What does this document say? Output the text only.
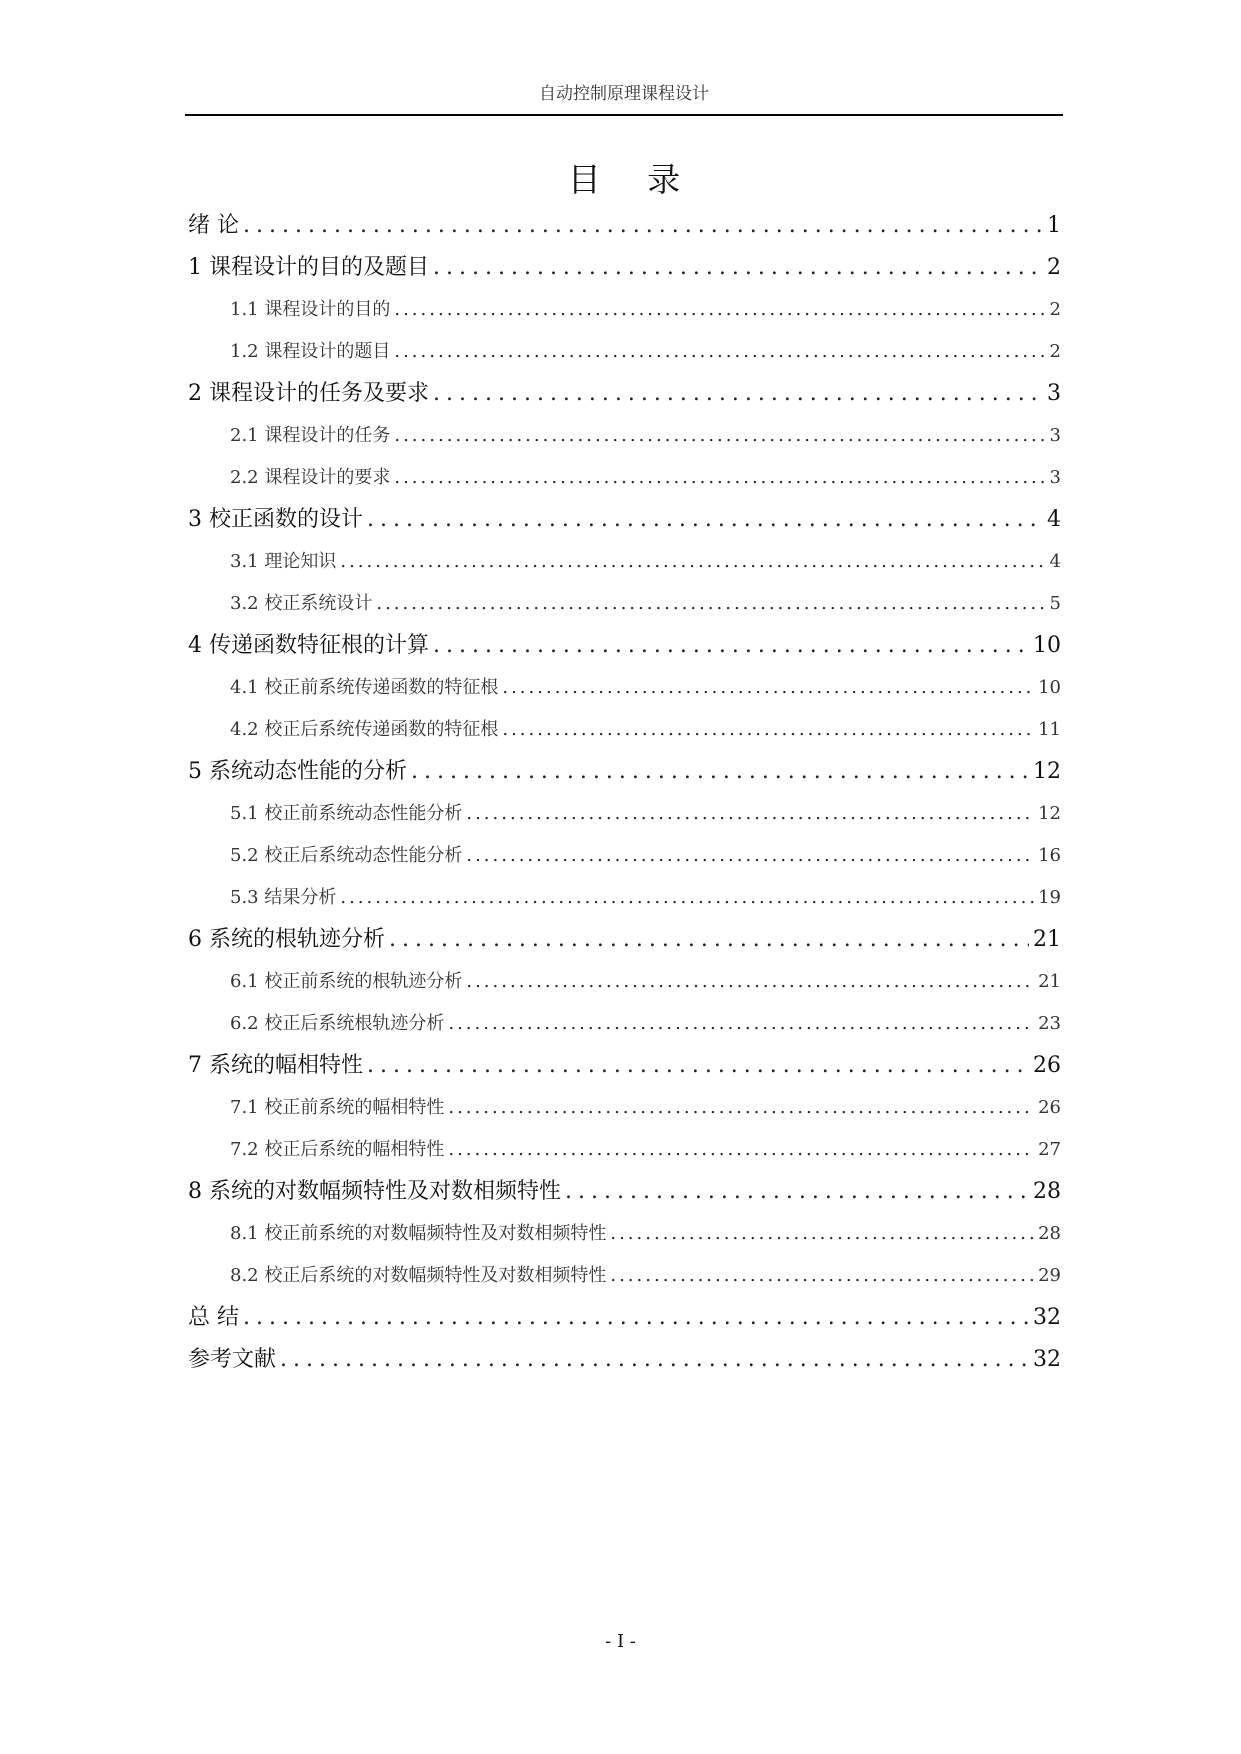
自动控制原理课程设计
目 录
绪 论 .....	1
1 课程设计的目的及题目 .....	2
1.1 课程设计的目的 .....	2
1.2 课程设计的题目 .....	2
2 课程设计的任务及要求 .....	3
2.1 课程设计的任务 .....	3
2.2 课程设计的要求 .....	3
3 校正函数的设计 .....	4
3.1 理论知识 .....	4
3.2 校正系统设计 .....	5
4 传递函数特征根的计算 .....	10
4.1 校正前系统传递函数的特征根 .....	10
4.2 校正后系统传递函数的特征根 .....	11
5 系统动态性能的分析 .....	12
5.1 校正前系统动态性能分析 .....	12
5.2 校正后系统动态性能分析 .....	16
5.3 结果分析 .....	19
6 系统的根轨迹分析 .....	21
6.1 校正前系统的根轨迹分析 .....	21
6.2 校正后系统根轨迹分析 .....	23
7 系统的幅相特性 .....	26
7.1 校正前系统的幅相特性 .....	26
7.2 校正后系统的幅相特性 .....	27
8 系统的对数幅频特性及对数相频特性 .....	28
8.1 校正前系统的对数幅频特性及对数相频特性 .....	28
8.2 校正后系统的对数幅频特性及对数相频特性 .....	29
总 结 .....	32
参考文献 .....	32
- I -
